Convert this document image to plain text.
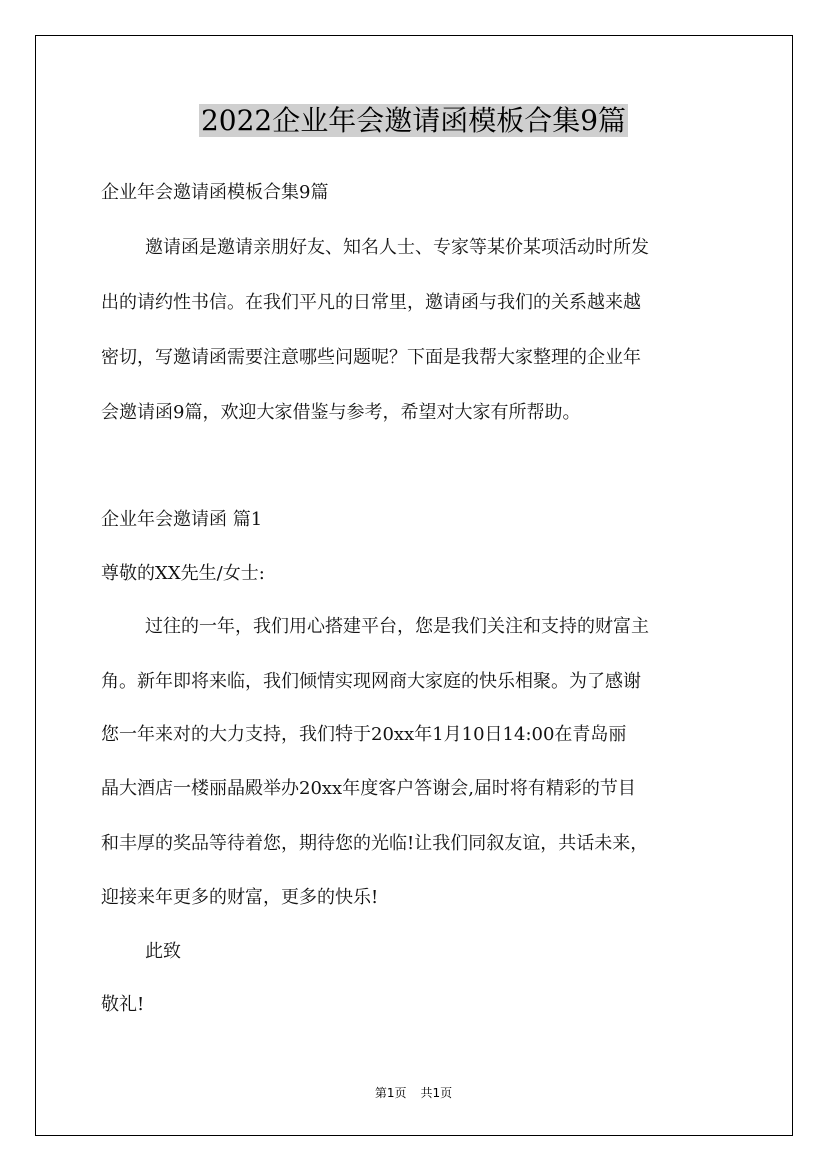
2022企业年会邀请函模板合集9篇
企业年会邀请函模板合集9篇
邀请函是邀请亲朋好友、知名人士、专家等某价某项活动时所发
出的请约性书信。在我们平凡的日常里，邀请函与我们的关系越来越
密切，写邀请函需要注意哪些问题呢？下面是我帮大家整理的企业年
会邀请函9篇，欢迎大家借鉴与参考，希望对大家有所帮助。
企业年会邀请函 篇1
尊敬的XX先生/女士:
过往的一年，我们用心搭建平台，您是我们关注和支持的财富主
角。新年即将来临，我们倾情实现网商大家庭的快乐相聚。为了感谢
您一年来对的大力支持，我们特于20xx年1月10日14:00在青岛丽
晶大酒店一楼丽晶殿举办20xx年度客户答谢会,届时将有精彩的节目
和丰厚的奖品等待着您，期待您的光临!让我们同叙友谊，共话未来，
迎接来年更多的财富，更多的快乐!
此致
敬礼!
第1页 共1页
